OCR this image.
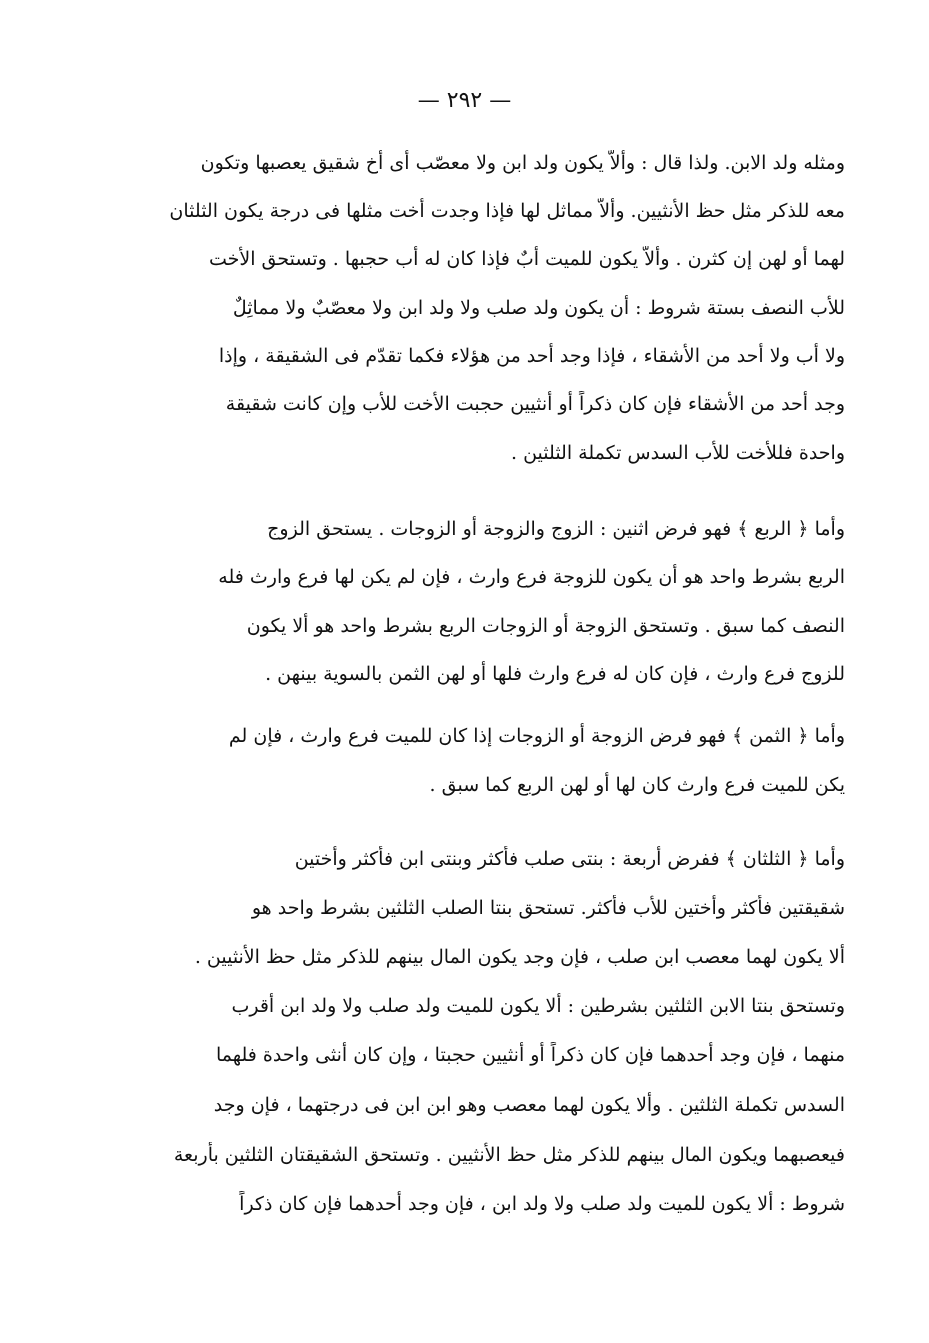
— ٢٩٢ —
ومثله ولد الابن. ولذا قال : وألاّ يكون ولد ابن ولا معصّب أى أخ شقيق يعصبها وتكون
معه للذكر مثل حظ الأنثيين. وألاّ مماثل لها فإذا وجدت أخت مثلها فى درجة يكون الثلثان
لهما أو لهن إن كثرن . وألاّ يكون للميت أبٌ فإذا كان له أب حجبها . وتستحق الأخت
للأب النصف بستة شروط : أن يكون ولد صلب ولا ولد ابن ولا معصّبٌ ولا مماثِلٌ
ولا أب ولا أحد من الأشقاء ، فإذا وجد أحد من هؤلاء فكما تقدّم فى الشقيقة ، وإذا
وجد أحد من الأشقاء فإن كان ذكراً أو أنثيين حجبت الأخت للأب وإن كانت شقيقة
واحدة فللأخت للأب السدس تكملة الثلثين .
وأما ﴿ الربع ﴾ فهو فرض اثنين : الزوج والزوجة أو الزوجات . يستحق الزوج
الربع بشرط واحد هو أن يكون للزوجة فرع وارث ، فإن لم يكن لها فرع وارث فله
النصف كما سبق . وتستحق الزوجة أو الزوجات الربع بشرط واحد هو ألا يكون
للزوج فرع وارث ، فإن كان له فرع وارث فلها أو لهن الثمن بالسوية بينهن .
وأما ﴿ الثمن ﴾ فهو فرض الزوجة أو الزوجات إذا كان للميت فرع وارث ، فإن لم
يكن للميت فرع وارث كان لها أو لهن الربع كما سبق .
وأما ﴿ الثلثان ﴾ ففرض أربعة : بنتى صلب فأكثر وبنتى ابن فأكثر وأختين
شقيقتين فأكثر وأختين للأب فأكثر. تستحق بنتا الصلب الثلثين بشرط واحد هو
ألا يكون لهما معصب ابن صلب ، فإن وجد يكون المال بينهم للذكر مثل حظ الأنثيين .
وتستحق بنتا الابن الثلثين بشرطين : ألا يكون للميت ولد صلب ولا ولد ابن أقرب
منهما ، فإن وجد أحدهما فإن كان ذكراً أو أنثيين حجبتا ، وإن كان أنثى واحدة فلهما
السدس تكملة الثلثين . وألا يكون لهما معصب وهو ابن ابن فى درجتهما ، فإن وجد
فيعصبهما ويكون المال بينهم للذكر مثل حظ الأنثيين . وتستحق الشقيقتان الثلثين بأربعة
شروط : ألا يكون للميت ولد صلب ولا ولد ابن ، فإن وجد أحدهما فإن كان ذكراً
